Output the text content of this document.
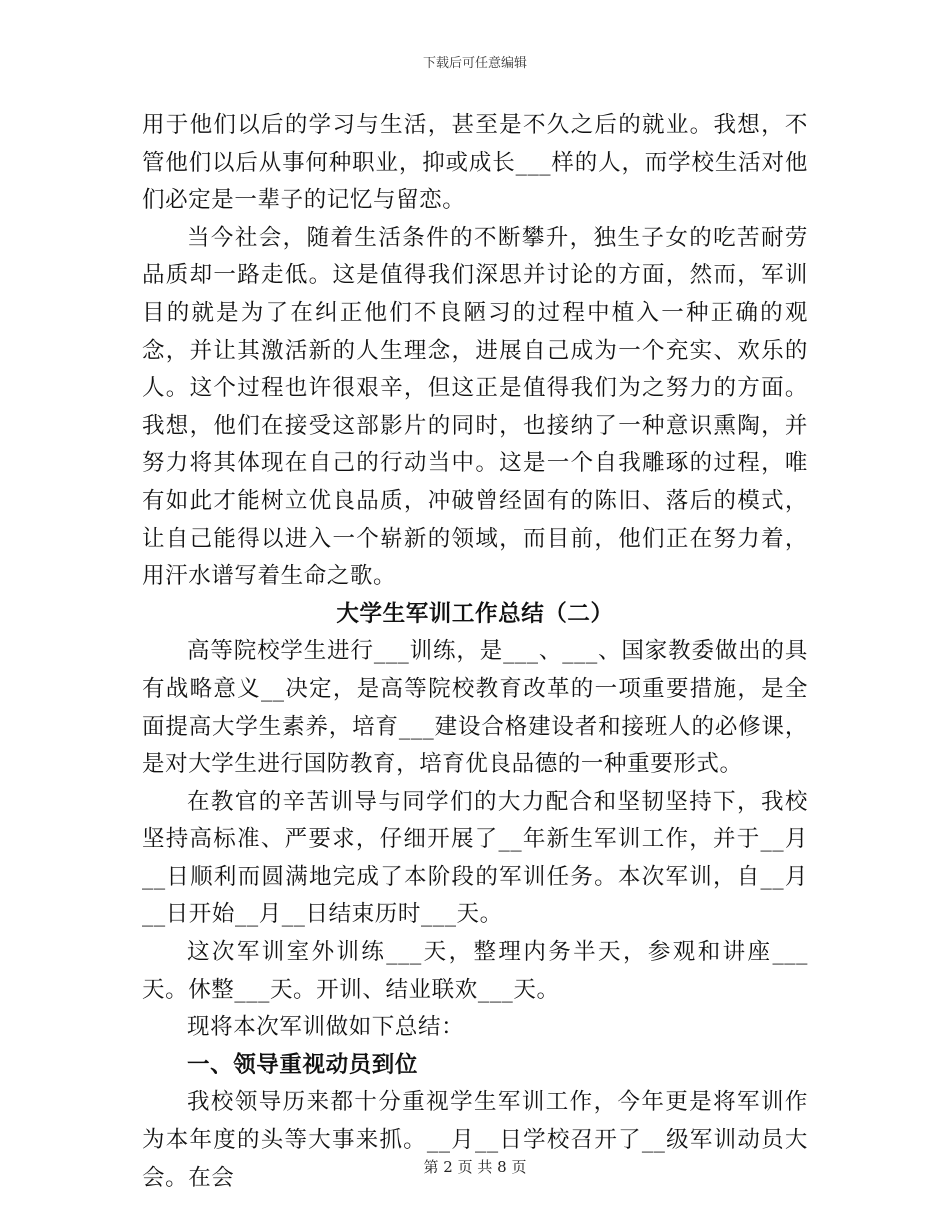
下载后可任意编辑

用于他们以后的学习与生活，甚至是不久之后的就业。我想，不管他们以后从事何种职业，抑或成长___样的人，而学校生活对他们必定是一辈子的记忆与留恋。

当今社会，随着生活条件的不断攀升，独生子女的吃苦耐劳品质却一路走低。这是值得我们深思并讨论的方面，然而，军训目的就是为了在纠正他们不良陋习的过程中植入一种正确的观念，并让其激活新的人生理念，进展自己成为一个充实、欢乐的人。这个过程也许很艰辛，但这正是值得我们为之努力的方面。我想，他们在接受这部影片的同时，也接纳了一种意识熏陶，并努力将其体现在自己的行动当中。这是一个自我雕琢的过程，唯有如此才能树立优良品质，冲破曾经固有的陈旧、落后的模式，让自己能得以进入一个崭新的领域，而目前，他们正在努力着，用汗水谱写着生命之歌。

大学生军训工作总结（二）

高等院校学生进行___训练，是___、___、国家教委做出的具有战略意义__决定，是高等院校教育改革的一项重要措施，是全面提高大学生素养，培育___建设合格建设者和接班人的必修课，是对大学生进行国防教育，培育优良品德的一种重要形式。

在教官的辛苦训导与同学们的大力配合和坚韧坚持下，我校坚持高标准、严要求，仔细开展了__年新生军训工作，并于__月__日顺利而圆满地完成了本阶段的军训任务。本次军训，自__月__日开始__月__日结束历时___天。

这次军训室外训练___天，整理内务半天，参观和讲座___天。休整___天。开训、结业联欢___天。

现将本次军训做如下总结：

一、领导重视动员到位

我校领导历来都十分重视学生军训工作，今年更是将军训作为本年度的头等大事来抓。__月__日学校召开了__级军训动员大会。在会	第 2 页 共 8 页
